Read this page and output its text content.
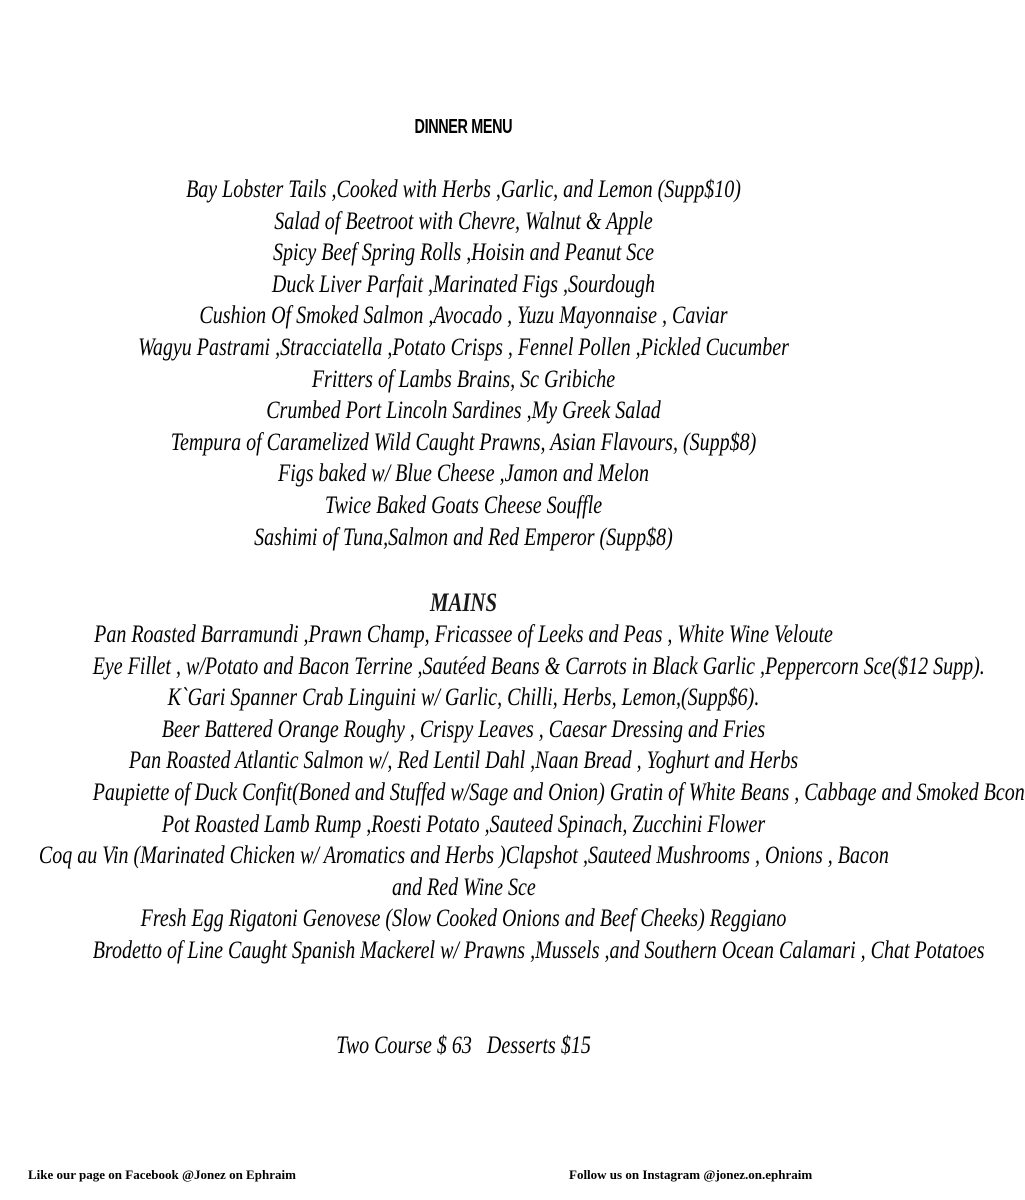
DINNER MENU
Bay Lobster Tails ,Cooked with Herbs ,Garlic, and Lemon (Supp$10)
Salad of Beetroot with Chevre, Walnut & Apple
Spicy Beef Spring Rolls ,Hoisin and Peanut Sce
Duck Liver Parfait ,Marinated Figs ,Sourdough
Cushion Of Smoked Salmon ,Avocado , Yuzu Mayonnaise , Caviar
Wagyu Pastrami ,Stracciatella ,Potato Crisps , Fennel Pollen ,Pickled Cucumber
Fritters of Lambs Brains, Sc Gribiche
Crumbed Port Lincoln Sardines ,My Greek Salad
Tempura of Caramelized Wild Caught Prawns, Asian Flavours, (Supp$8)
Figs baked w/ Blue Cheese ,Jamon and Melon
Twice Baked Goats Cheese Souffle
Sashimi of Tuna,Salmon and Red Emperor (Supp$8)
MAINS
Pan Roasted Barramundi ,Prawn Champ, Fricassee of Leeks and Peas , White Wine Veloute
Eye Fillet , w/Potato and Bacon Terrine ,Sautéed Beans & Carrots in Black Garlic ,Peppercorn Sce($12 Supp).
K`Gari Spanner Crab Linguini w/ Garlic, Chilli, Herbs, Lemon,(Supp$6).
Beer Battered Orange Roughy , Crispy Leaves , Caesar Dressing and Fries
Pan Roasted Atlantic Salmon w/, Red Lentil Dahl ,Naan Bread , Yoghurt and Herbs
Paupiette of Duck Confit(Boned and Stuffed w/Sage and Onion) Gratin of White Beans , Cabbage and Smoked Bcon
Pot Roasted Lamb Rump ,Roesti Potato ,Sauteed Spinach, Zucchini Flower
Coq au Vin (Marinated Chicken w/ Aromatics and Herbs )Clapshot ,Sauteed Mushrooms , Onions , Bacon and Red Wine Sce
Fresh Egg Rigatoni Genovese (Slow Cooked Onions and Beef Cheeks) Reggiano
Brodetto of Line Caught Spanish Mackerel w/ Prawns ,Mussels ,and Southern Ocean Calamari , Chat Potatoes
Two Course $ 63   Desserts $15
Like our page on Facebook @Jonez on Ephraim	Follow us on Instagram @jonez.on.ephraim
